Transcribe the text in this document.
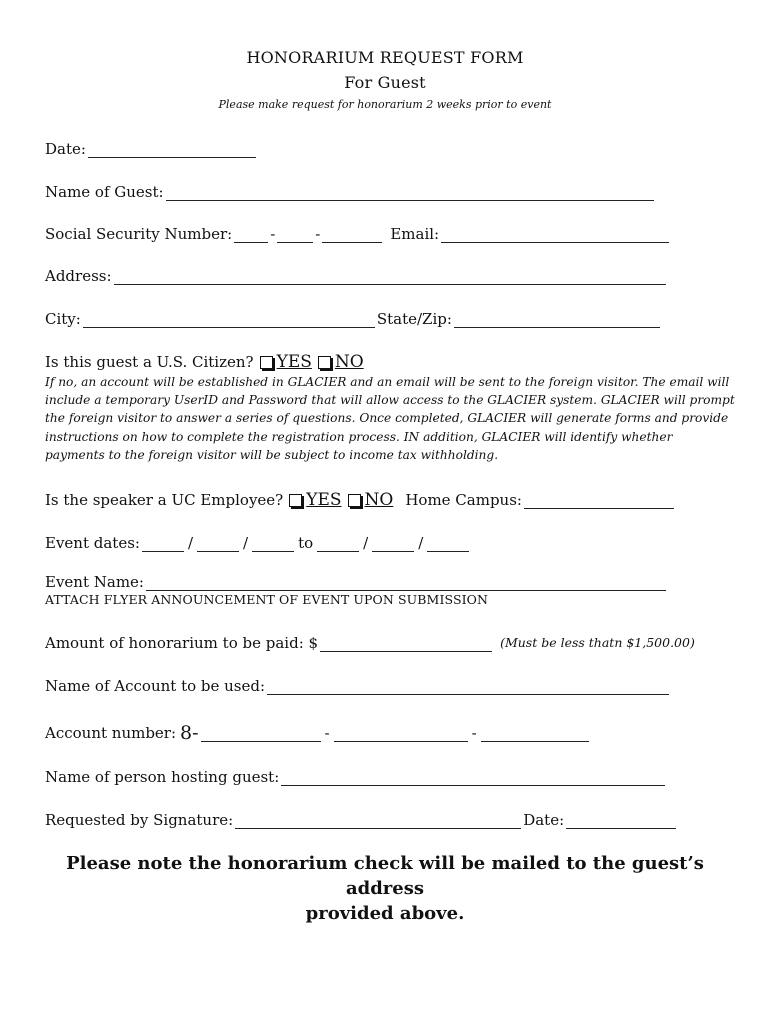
HONORARIUM REQUEST FORM
For Guest
Please make request for honorarium 2 weeks prior to event
Date:
Name of Guest:
Social Security Number:	-	-	Email:
Address:
City:	State/Zip:
Is this guest a U.S. Citizen? YES NO
If no, an account will be established in GLACIER and an email will be sent to the foreign visitor. The email will include a temporary UserID and Password that will allow access to the GLACIER system. GLACIER will prompt the foreign visitor to answer a series of questions. Once completed, GLACIER will generate forms and provide instructions on how to complete the registration process. IN addition, GLACIER will identify whether payments to the foreign visitor will be subject to income tax withholding.
Is the speaker a UC Employee? YES NO Home Campus:
Event dates:	/	/	to	/	/
Event Name:
ATTACH FLYER ANNOUNCEMENT OF EVENT UPON SUBMISSION
Amount of honorarium to be paid: $	(Must be less thatn $1,500.00)
Name of Account to be used:
Account number: 8-	-	-
Name of person hosting guest:
Requested by Signature:	Date:
Please note the honorarium check will be mailed to the guest’s address
provided above.
